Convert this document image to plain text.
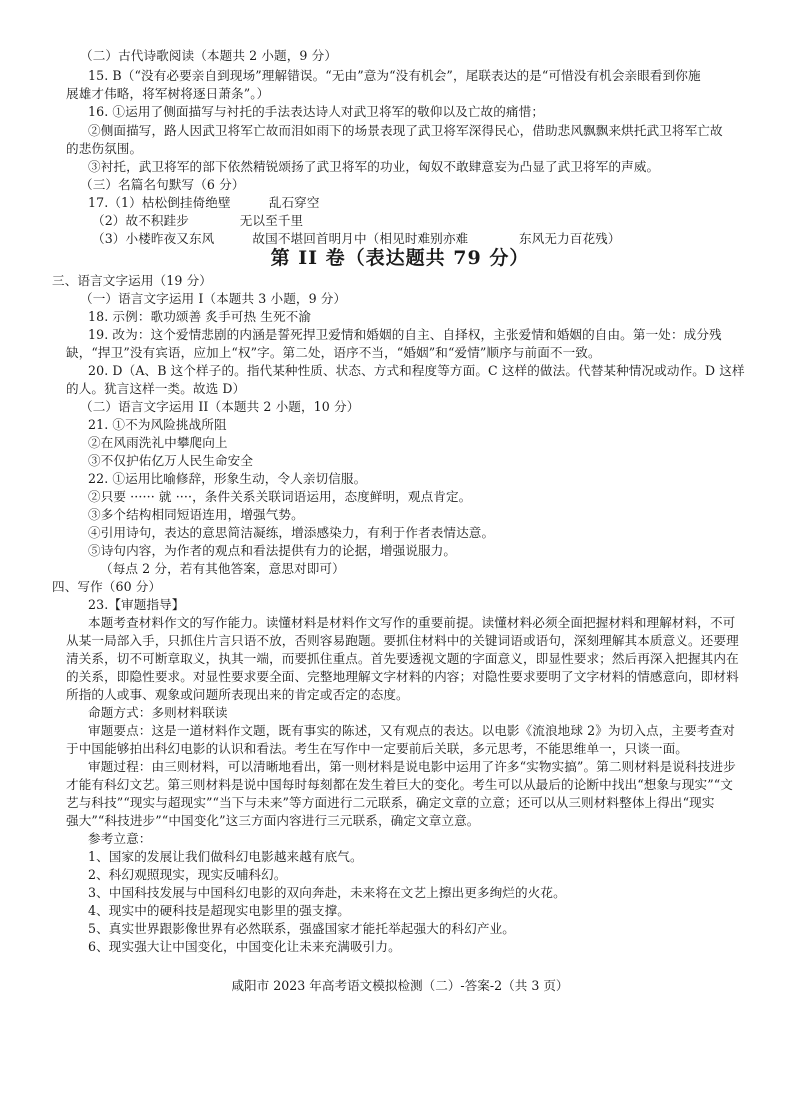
（二）古代诗歌阅读（本题共 2 小题，9 分）
15. B（“没有必要亲自到现场”理解错误。“无由”意为“没有机会”，尾联表达的是“可惜没有机会亲眼看到你施
展雄才伟略，将军树将逐日萧条”。）
16. ①运用了侧面描写与衬托的手法表达诗人对武卫将军的敬仰以及亡故的痛惜；
②侧面描写，路人因武卫将军亡故而泪如雨下的场景表现了武卫将军深得民心，借助悲风飘飘来烘托武卫将军亡故
的悲伤氛围。
③衬托，武卫将军的部下依然精锐颂扬了武卫将军的功业，匈奴不敢肆意妄为凸显了武卫将军的声威。
（三）名篇名句默写（6 分）
17.（1）枯松倒挂倚绝壁　　　乱石穿空
（2）故不积跬步　　　　无以至千里
（3）小楼昨夜又东风　　　故国不堪回首明月中（相见时难别亦难　　　　东风无力百花残）
三、语言文字运用（19 分）
（一）语言文字运用 I（本题共 3 小题，9 分）
18. 示例：歌功颂善 炙手可热 生死不渝
19. 改为：这个爱情悲剧的内涵是誓死捍卫爱情和婚姻的自主、自择权，主张爱情和婚姻的自由。第一处：成分残
缺，“捍卫”没有宾语，应加上“权”字。第二处，语序不当，“婚姻”和“爱情”顺序与前面不一致。
20. D（A、B 这个样子的。指代某种性质、状态、方式和程度等方面。C 这样的做法。代替某种情况或动作。D 这样
的人。犹言这样一类。故选 D）
（二）语言文字运用 II（本题共 2 小题，10 分）
21. ①不为风险挑战所阻
②在风雨洗礼中攀爬向上
③不仅护佑亿万人民生命安全
22. ①运用比喻修辞，形象生动，令人亲切信服。
②只要 ······ 就 ····，条件关系关联词语运用，态度鲜明，观点肯定。
③多个结构相同短语连用，增强气势。
④引用诗句，表达的意思简洁凝练，增添感染力，有利于作者表情达意。
⑤诗句内容，为作者的观点和看法提供有力的论据，增强说服力。
（每点 2 分，若有其他答案，意思对即可）
四、写作（60 分）
23.【审题指导】
本题考查材料作文的写作能力。读懂材料是材料作文写作的重要前提。读懂材料必须全面把握材料和理解材料，不可
从某一局部入手，只抓住片言只语不放，否则容易跑题。要抓住材料中的关键词语或语句，深刻理解其本质意义。还要理
清关系，切不可断章取义，执其一端，而要抓住重点。首先要透视文题的字面意义，即显性要求；然后再深入把握其内在
的关系，即隐性要求。对显性要求要全面、完整地理解文字材料的内容；对隐性要求要明了文字材料的情感意向，即材料
所指的人或事、观象或问题所表现出来的肯定或否定的态度。
命题方式：多则材料联读
审题要点：这是一道材料作文题，既有事实的陈述，又有观点的表达。以电影《流浪地球 2》为切入点，主要考查对
于中国能够拍出科幻电影的认识和看法。考生在写作中一定要前后关联，多元思考，不能思维单一，只谈一面。
审题过程：由三则材料，可以清晰地看出，第一则材料是说电影中运用了许多“实物实搞”。第二则材料是说科技进步
才能有科幻文艺。第三则材料是说中国每时每刻都在发生着巨大的变化。考生可以从最后的论断中找出“想象与现实”“文
艺与科技”“现实与超现实”“当下与未来”等方面进行二元联系，确定文章的立意；还可以从三则材料整体上得出“现实
强大”“科技进步”“中国变化”这三方面内容进行三元联系，确定文章立意。
参考立意：
1、国家的发展让我们做科幻电影越来越有底气。
2、科幻观照现实，现实反哺科幻。
3、中国科技发展与中国科幻电影的双向奔赴，未来将在文艺上擦出更多绚烂的火花。
4、现实中的硬科技是超现实电影里的强支撑。
5、真实世界跟影像世界有必然联系，强盛国家才能托举起强大的科幻产业。
6、现实强大让中国变化，中国变化让未来充满吸引力。
第 II 卷（表达题共 79 分）
咸阳市 2023 年高考语文模拟检测（二）-答案-2（共 3 页）
